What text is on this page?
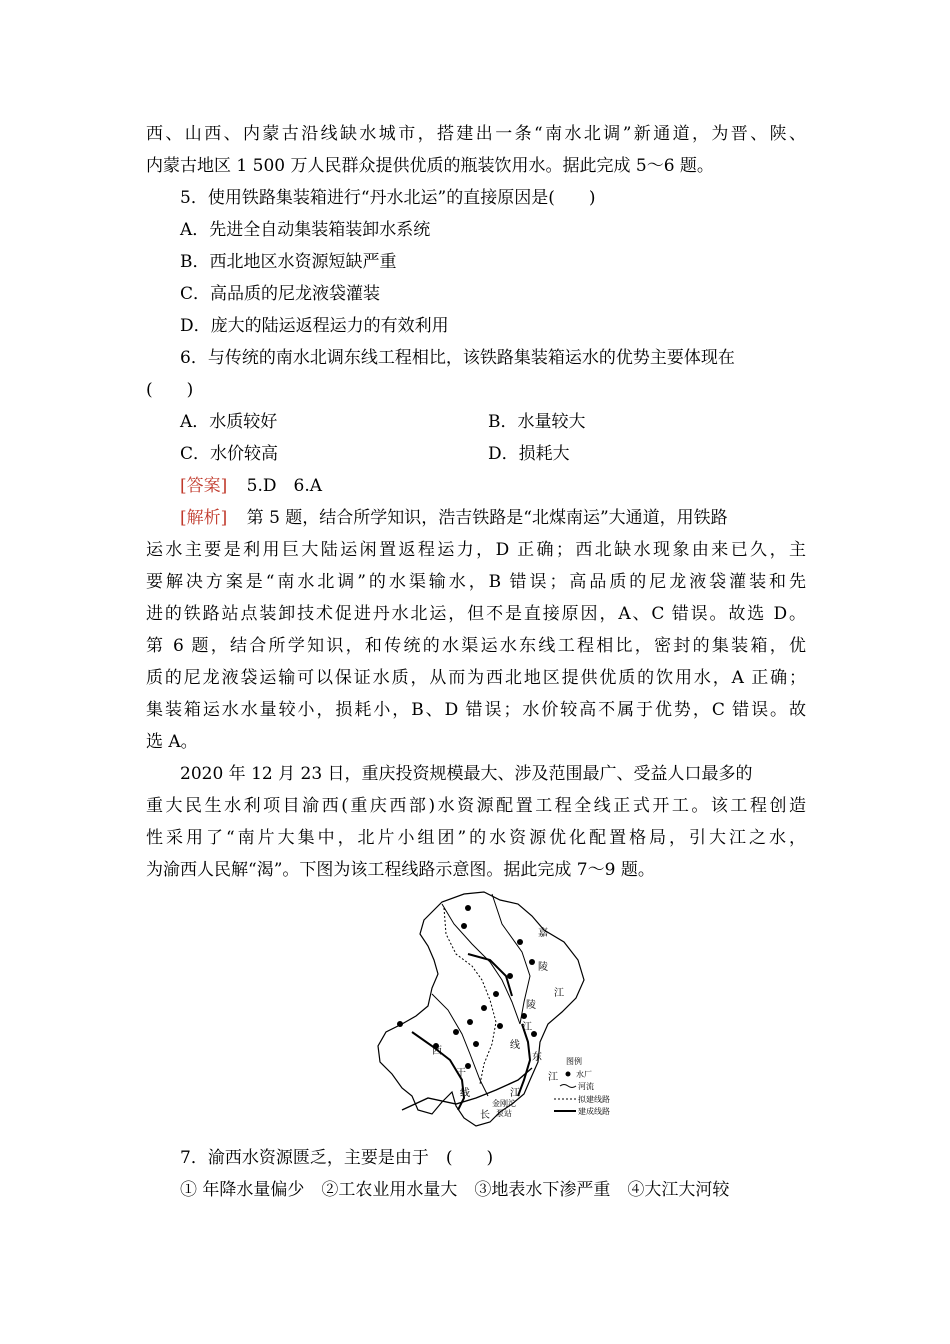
西、山西、内蒙古沿线缺水城市，搭建出一条“南水北调”新通道，为晋、陕、
内蒙古地区 1 500 万人民群众提供优质的瓶装饮用水。据此完成 5～6 题。
5．使用铁路集装箱进行“丹水北运”的直接原因是(　　)
A．先进全自动集装箱装卸水系统
B．西北地区水资源短缺严重
C．高品质的尼龙液袋灌装
D．庞大的陆运返程运力的有效利用
6．与传统的南水北调东线工程相比，该铁路集装箱运水的优势主要体现在
(　　)
A．水质较好	B．水量较大
C．水价较高	D．损耗大
[答案] 5.D　6.A
[解析] 第 5 题，结合所学知识，浩吉铁路是“北煤南运”大通道，用铁路
运水主要是利用巨大陆运闲置返程运力，D 正确；西北缺水现象由来已久，主
要解决方案是“南水北调”的水渠输水，B 错误；高品质的尼龙液袋灌装和先
进的铁路站点装卸技术促进丹水北运，但不是直接原因，A、C 错误。故选 D。
第 6 题，结合所学知识，和传统的水渠运水东线工程相比，密封的集装箱，优
质的尼龙液袋运输可以保证水质，从而为西北地区提供优质的饮用水，A 正确；
集装箱运水水量较小，损耗小，B、D 错误；水价较高不属于优势，C 错误。故
选 A。
2020 年 12 月 23 日，重庆投资规模最大、涉及范围最广、受益人口最多的
重大民生水利项目渝西(重庆西部)水资源配置工程全线正式开工。该工程创造
性采用了“南片大集中，北片小组团”的水资源优化配置格局，引大江之水，
为渝西人民解“渴”。下图为该工程线路示意图。据此完成 7～9 题。
嘉
陵
江
陵
江
线
西
东
江
干
线
长
江
金刚沱
泵站
图例
水厂
河流
拟建线路
建成线路
7．渝西水资源匮乏，主要是由于　(　　)
① 年降水量偏少　②工农业用水量大　③地表水下渗严重　④大江大河较
